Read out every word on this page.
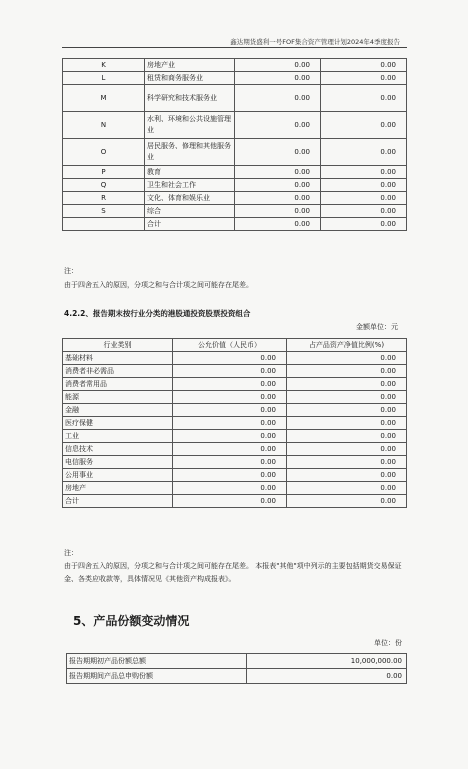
鑫达期货盛利一号FOF集合资产管理计划2024年4季度报告
K	房地产业	0.00	0.00
L	租赁和商务服务业	0.00	0.00
M	科学研究和技术服务业	0.00	0.00
N	水利、环境和公共设施管理业	0.00	0.00
O	居民服务、修理和其他服务业	0.00	0.00
P	教育	0.00	0.00
Q	卫生和社会工作	0.00	0.00
R	文化、体育和娱乐业	0.00	0.00
S	综合	0.00	0.00
	合计	0.00	0.00
注：
由于四舍五入的原因，分项之和与合计项之间可能存在尾差。
4.2.2、报告期末按行业分类的港股通投资股票投资组合
金额单位：元
行业类别	公允价值（人民币）	占产品资产净值比例(%)
基础材料	0.00	0.00
消费者非必需品	0.00	0.00
消费者常用品	0.00	0.00
能源	0.00	0.00
金融	0.00	0.00
医疗保健	0.00	0.00
工业	0.00	0.00
信息技术	0.00	0.00
电信服务	0.00	0.00
公用事业	0.00	0.00
房地产	0.00	0.00
合计	0.00	0.00
注：
由于四舍五入的原因，分项之和与合计项之间可能存在尾差。 本报表"其他"项中列示的主要包括期货交易保证金、各类应收款等，具体情况见《其他资产构成报表》。
5、产品份额变动情况
单位：份
报告期期初产品份额总额	10,000,000.00
报告期期间产品总申购份额	0.00
